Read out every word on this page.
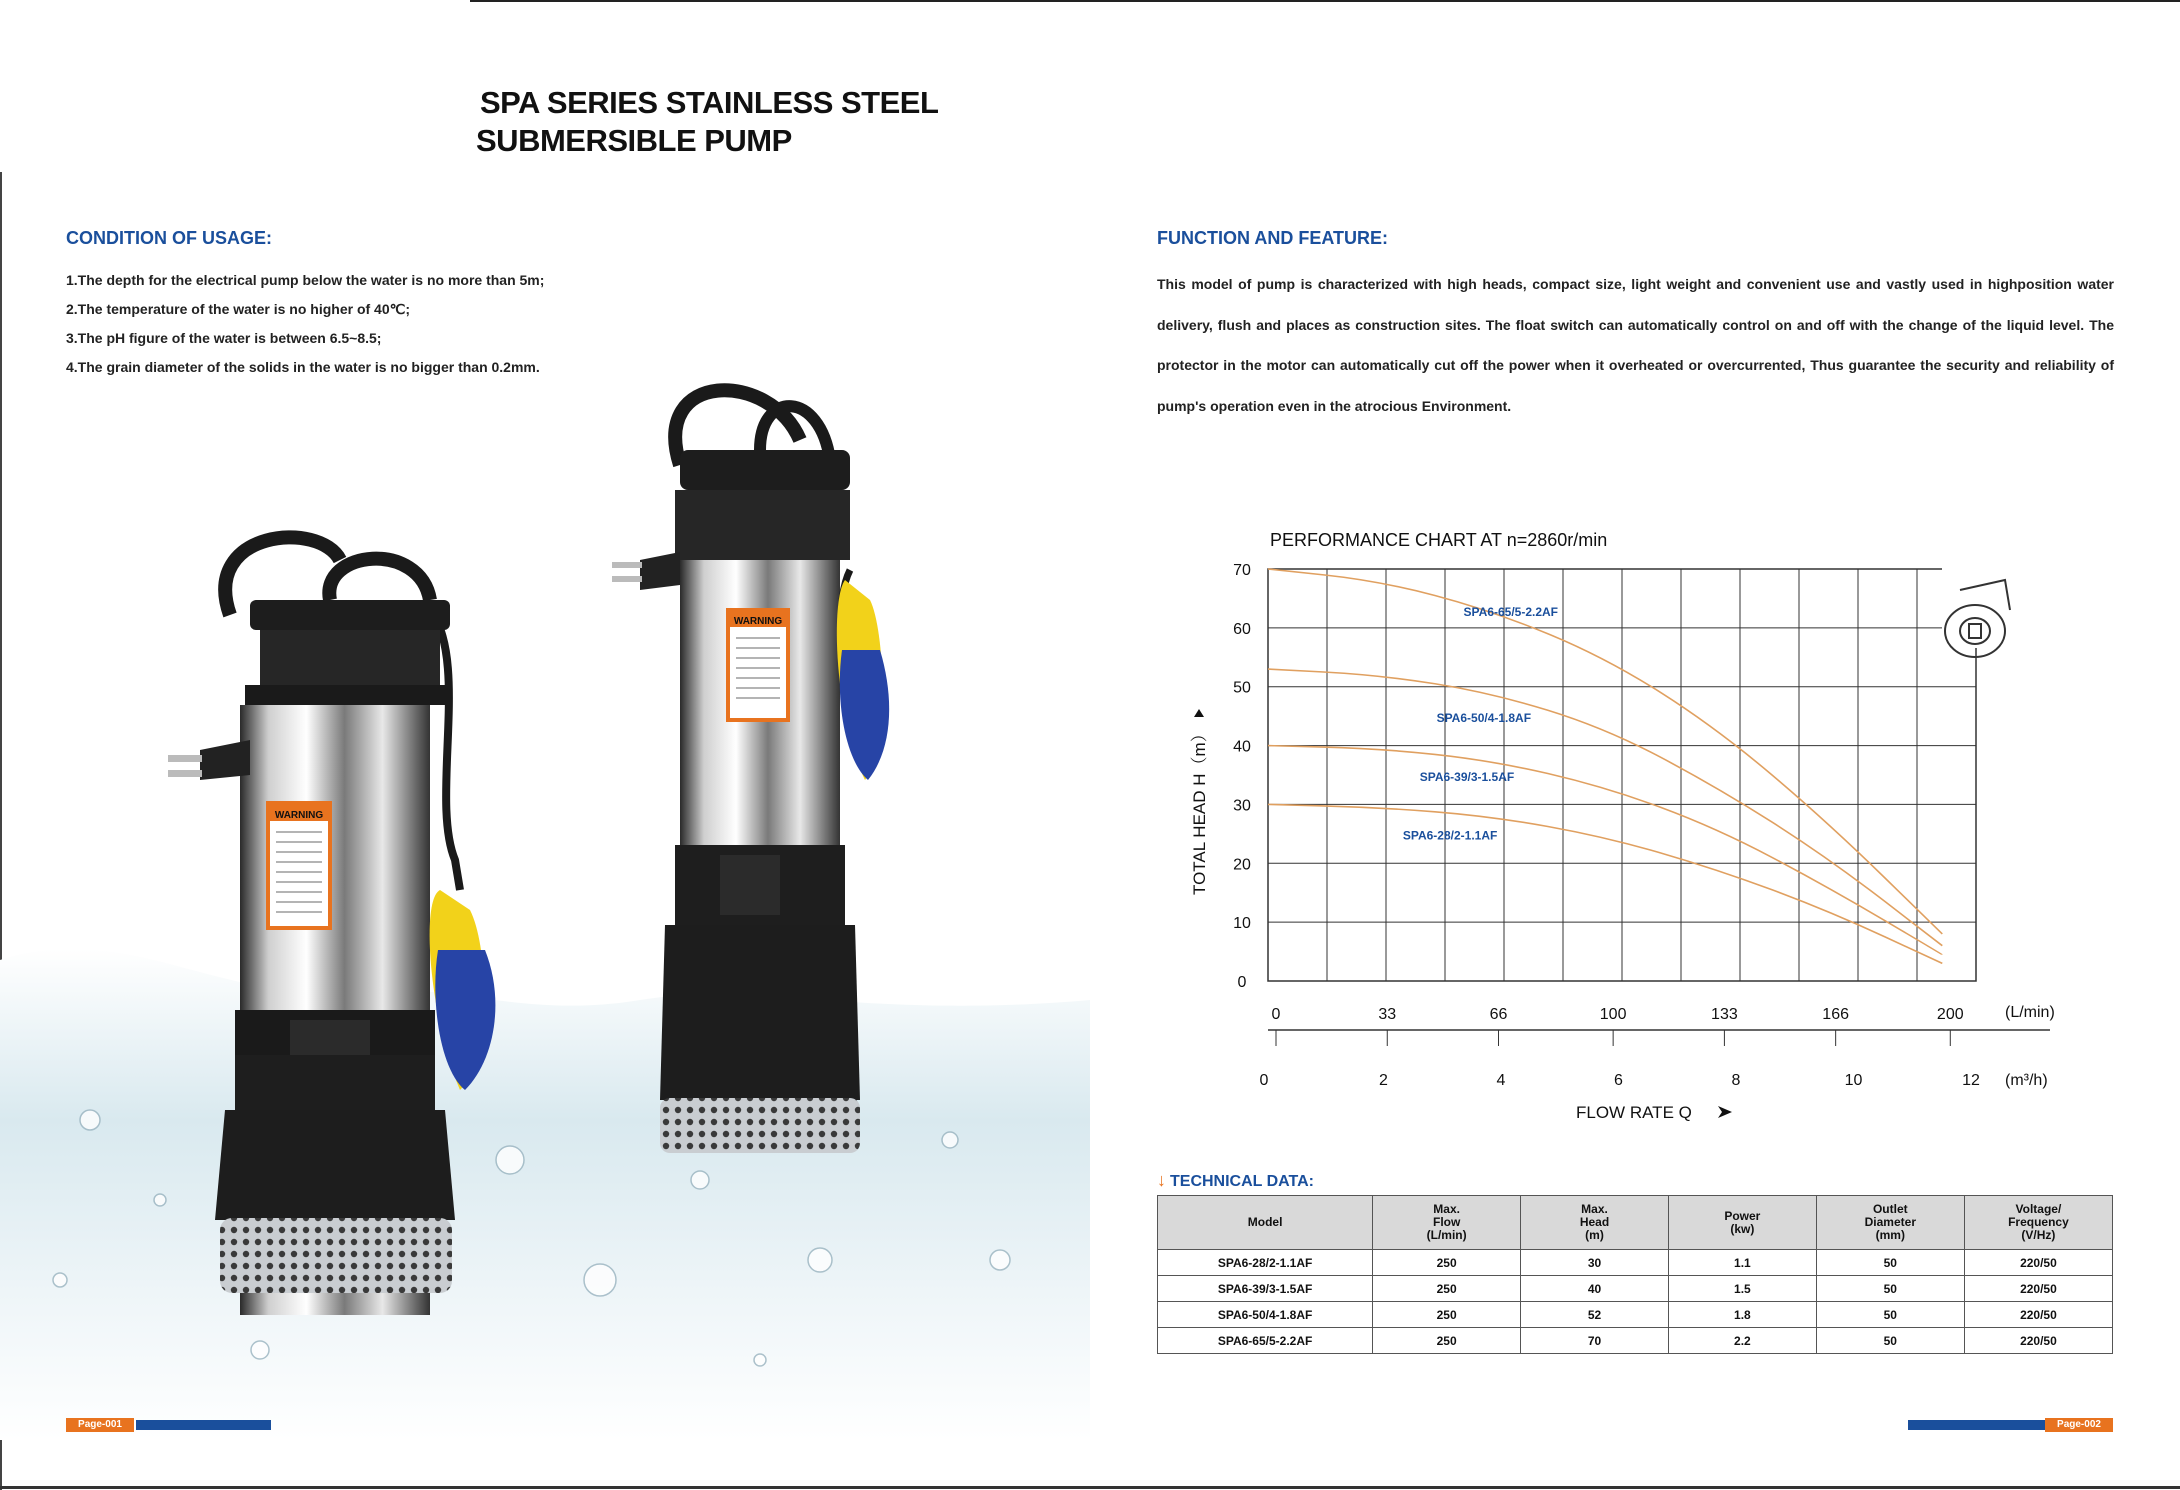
SPA SERIES STAINLESS STEEL
SUBMERSIBLE PUMP
CONDITION OF USAGE:
1.The depth for the electrical pump below the water is no more than 5m;
2.The temperature of the water is no higher of 40℃;
3.The pH figure of the water is between 6.5~8.5;
4.The grain diameter of the solids in the water is no bigger than 0.2mm.
FUNCTION AND FEATURE:
This model of pump is characterized with high heads, compact size, light weight and convenient use and vastly used in highposition water delivery, flush and places as construction sites. The float switch can automatically control on and off with the change of the liquid level. The protector in the motor can automatically cut off the power when it overheated or overcurrented, Thus guarantee the security and reliability of pump's operation even in the atrocious Environment.
WARNING
WARNING
PERFORMANCE CHART AT n=2860r/min
0
10
20
30
40
50
60
70
SPA6-65/5-2.2AF
SPA6-50/4-1.8AF
SPA6-39/3-1.5AF
SPA6-28/2-1.1AF
0	33	66	100	133	166	200
0	2	4	6	8	10	12
(L/min)
(m³/h)
TOTAL HEAD H（m）
FLOW RATE Q
↓ TECHNICAL DATA:
Model	Max.
Flow
(L/min)	Max.
Head
(m)	Power
(kw)	Outlet
Diameter
(mm)	Voltage/
Frequency
(V/Hz)
SPA6-28/2-1.1AF	250	30	1.1	50	220/50
SPA6-39/3-1.5AF	250	40	1.5	50	220/50
SPA6-50/4-1.8AF	250	52	1.8	50	220/50
SPA6-65/5-2.2AF	250	70	2.2	50	220/50
Page-001	Page-002
